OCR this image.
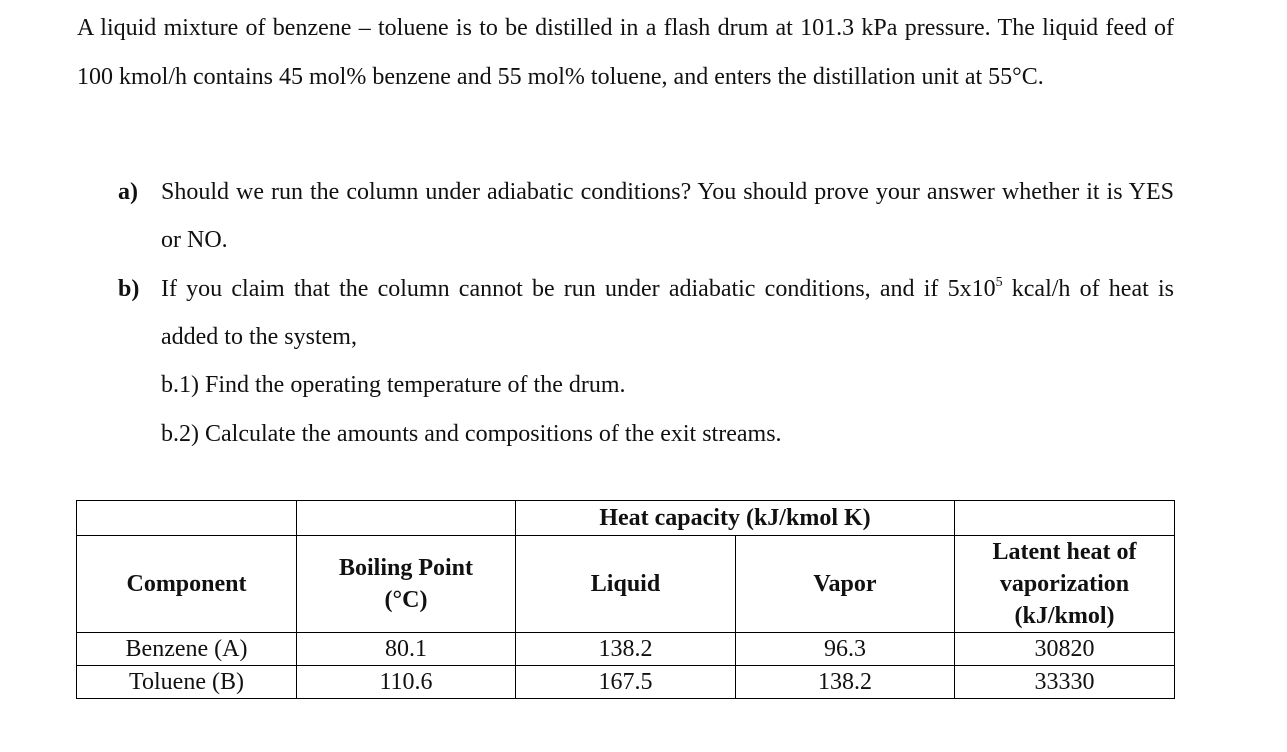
A liquid mixture of benzene – toluene is to be distilled in a flash drum at 101.3 kPa pressure. The liquid feed of 100 kmol/h contains 45 mol% benzene and 55 mol% toluene, and enters the distillation unit at 55°C.

a) Should we run the column under adiabatic conditions? You should prove your answer whether it is YES or NO.

b) If you claim that the column cannot be run under adiabatic conditions, and if $5x10^5$ kcal/h of heat is added to the system,

b.1) Find the operating temperature of the drum.
b.2) Calculate the amounts and compositions of the exit streams.
		Heat capacity (kJ/kmol K)		
Component	Boiling Point (°C)	Liquid	Vapor	Latent heat of vaporization (kJ/kmol)
Benzene (A)	80.1	138.2	96.3	30820
Toluene (B)	110.6	167.5	138.2	33330
